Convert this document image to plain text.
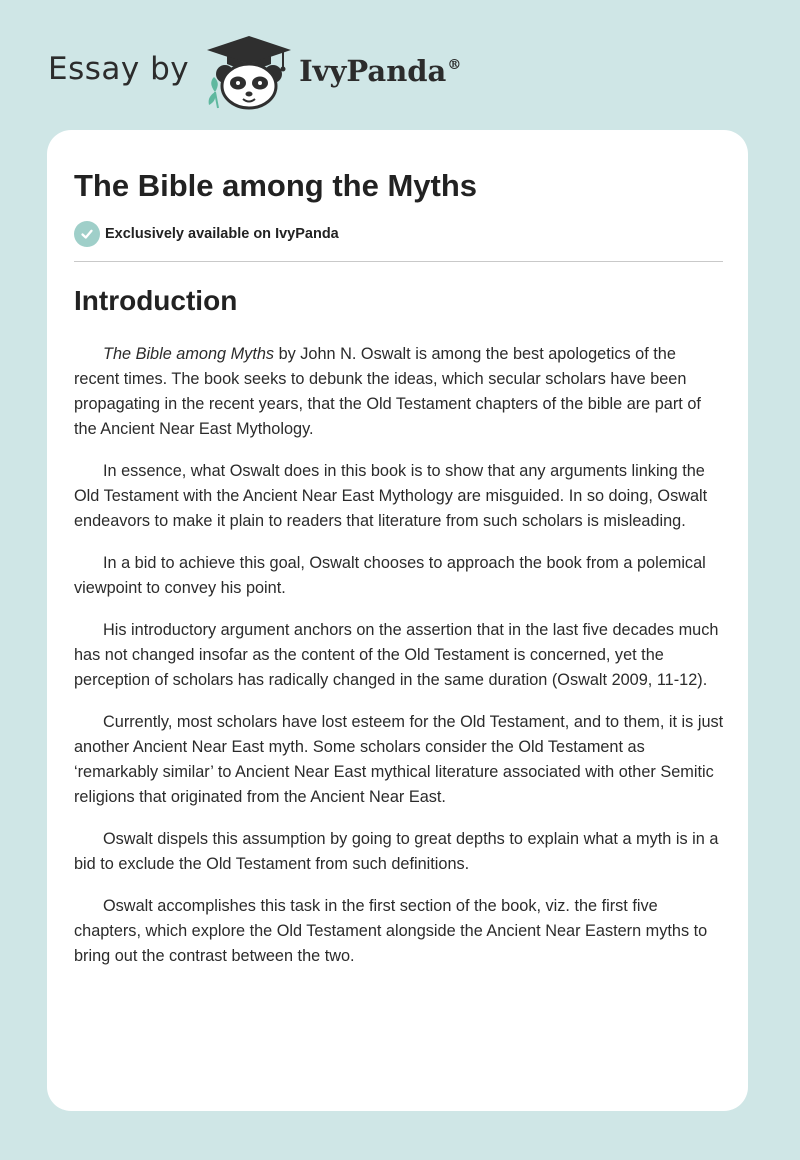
Essay by	IvyPanda®
The Bible among the Myths
Exclusively available on IvyPanda
Introduction

The Bible among Myths by John N. Oswalt is among the best apologetics of the recent times. The book seeks to debunk the ideas, which secular scholars have been propagating in the recent years, that the Old Testament chapters of the bible are part of the Ancient Near East Mythology.

In essence, what Oswalt does in this book is to show that any arguments linking the Old Testament with the Ancient Near East Mythology are misguided. In so doing, Oswalt endeavors to make it plain to readers that literature from such scholars is misleading.

In a bid to achieve this goal, Oswalt chooses to approach the book from a polemical viewpoint to convey his point.

His introductory argument anchors on the assertion that in the last five decades much has not changed insofar as the content of the Old Testament is concerned, yet the perception of scholars has radically changed in the same duration (Oswalt 2009, 11-12).

Currently, most scholars have lost esteem for the Old Testament, and to them, it is just another Ancient Near East myth. Some scholars consider the Old Testament as ‘remarkably similar’ to Ancient Near East mythical literature associated with other Semitic religions that originated from the Ancient Near East.

Oswalt dispels this assumption by going to great depths to explain what a myth is in a bid to exclude the Old Testament from such definitions.

Oswalt accomplishes this task in the first section of the book, viz. the first five chapters, which explore the Old Testament alongside the Ancient Near Eastern myths to bring out the contrast between the two.
